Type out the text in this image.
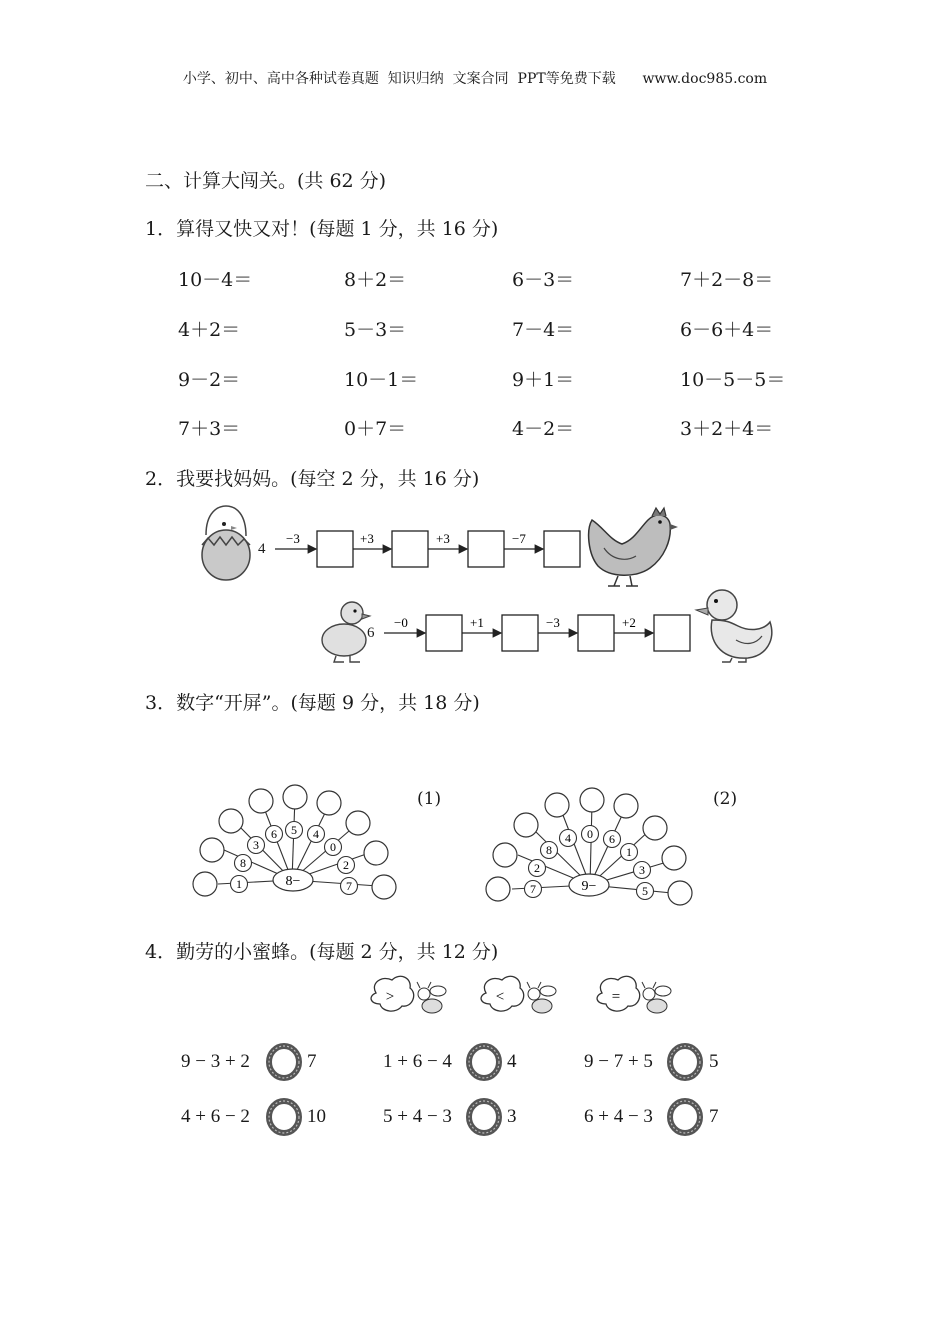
小学、初中、高中各种试卷真题  知识归纳  文案合同  PPT等免费下载      www.doc985.com
二、计算大闯关。(共 62 分)
1．算得又快又对！(每题 1 分，共 16 分)
10－4＝	8＋2＝	6－3＝	7＋2－8＝
4＋2＝	5－3＝	7－4＝	6－6＋4＝
9－2＝	10－1＝	9＋1＝	10－5－5＝
7＋3＝	0＋7＝	4－2＝	3＋2＋4＝
2．我要找妈妈。(每空 2 分，共 16 分)
4
−3	+3	+3	−7
6
−0	+1	−3	+2
8−
1
8
3
6 5 4
0
2
7	9−
7
2
8
4 0 6
1
3
5
>	<	=
3．数字“开屏”。(每题 9 分，共 18 分)
(1)	(2)
4．勤劳的小蜜蜂。(每题 2 分，共 12 分)
9 − 3 + 2	7	1 + 6 − 4	4	9 − 7 + 5	5
4 + 6 − 2	10	5 + 4 − 3	3	6 + 4 − 3	7
